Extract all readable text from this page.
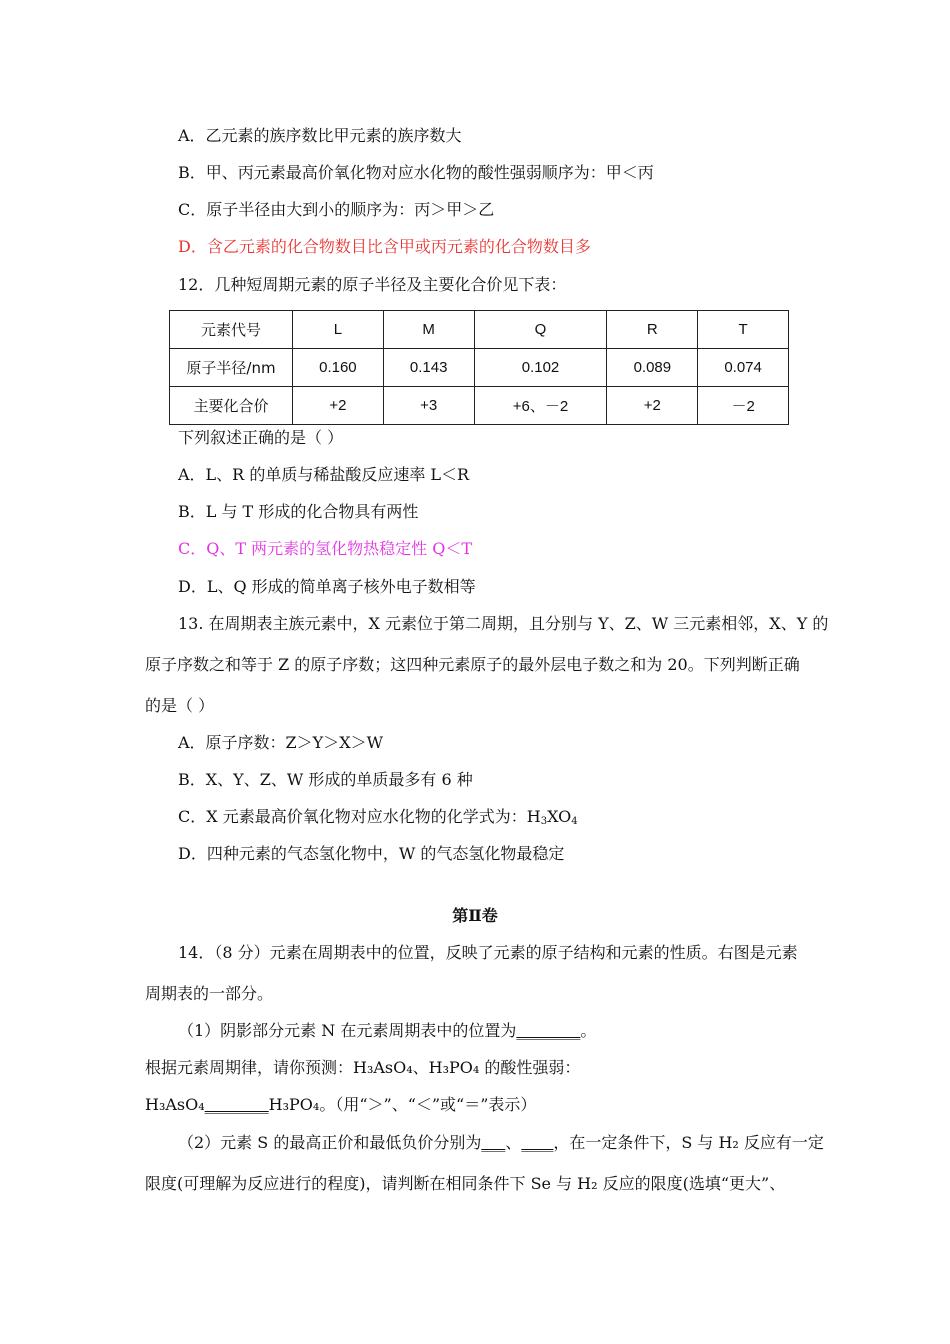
A．乙元素的族序数比甲元素的族序数大
B．甲、丙元素最高价氧化物对应水化物的酸性强弱顺序为：甲＜丙
C．原子半径由大到小的顺序为：丙＞甲＞乙
D．含乙元素的化合物数目比含甲或丙元素的化合物数目多
12．几种短周期元素的原子半径及主要化合价见下表：
元素代号	L	M	Q	R	T
原子半径/nm	0.160	0.143	0.102	0.089	0.074
主要化合价	+2	+3	+6、－2	+2	－2
下列叙述正确的是（ ）
A．L、R 的单质与稀盐酸反应速率 L＜R
B．L 与 T 形成的化合物具有两性
C．Q、T 两元素的氢化物热稳定性 Q＜T
D．L、Q 形成的简单离子核外电子数相等
13. 在周期表主族元素中，X 元素位于第二周期，且分别与 Y、Z、W 三元素相邻，X、Y 的
原子序数之和等于 Z 的原子序数；这四种元素原子的最外层电子数之和为 20。下列判断正确
的是（ ）
A．原子序数：Z＞Y＞X＞W
B．X、Y、Z、W 形成的单质最多有 6 种
C．X 元素最高价氧化物对应水化物的化学式为：$H_3XO_4$
D．四种元素的气态氢化物中，W 的气态氢化物最稳定
第Ⅱ卷
14．（8 分）元素在周期表中的位置，反映了元素的原子结构和元素的性质。右图是元素
周期表的一部分。
（1）阴影部分元素 N 在元素周期表中的位置为________。
根据元素周期律，请你预测：H₃AsO₄、H₃PO₄ 的酸性强弱：
H₃AsO₄________H₃PO₄。（用“＞”、“＜”或“＝”表示）
（2）元素 S 的最高正价和最低负价分别为___、____，在一定条件下，S 与 H₂ 反应有一定
限度(可理解为反应进行的程度)，请判断在相同条件下 Se 与 H₂ 反应的限度(选填“更大”、
